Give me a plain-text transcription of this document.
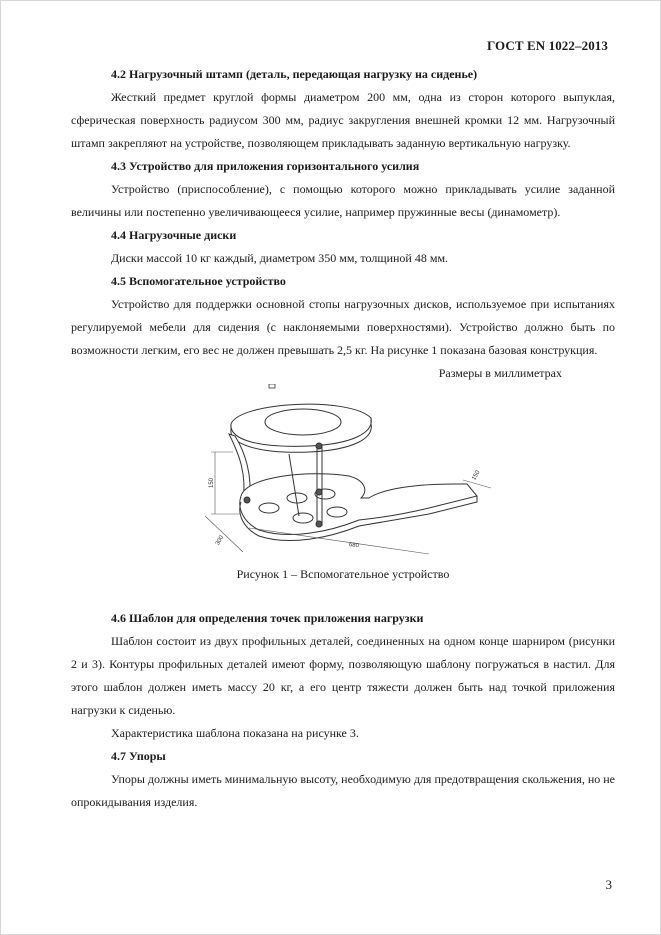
ГОСТ EN 1022–2013
4.2 Нагрузочный штамп (деталь, передающая нагрузку на сиденье)

Жесткий предмет круглой формы диаметром 200 мм, одна из сторон которого выпуклая, сферическая поверхность радиусом 300 мм, радиус закругления внешней кромки 12 мм. Нагрузочный штамп закрепляют на устройстве, позволяющем прикладывать заданную вертикальную нагрузку.

4.3 Устройство для приложения горизонтального усилия

Устройство (приспособление), с помощью которого можно прикладывать усилие заданной величины или постепенно увеличивающееся усилие, например пружинные весы (динамометр).

4.4 Нагрузочные диски

Диски массой 10 кг каждый, диаметром 350 мм, толщиной 48 мм.

4.5 Вспомогательное устройство

Устройство для поддержки основной стопы нагрузочных дисков, используемое при испытаниях регулируемой мебели для сидения (с наклоняемыми поверхностями). Устройство должно быть по возможности легким, его вес не должен превышать 2,5 кг. На рисунке 1 показана базовая конструкция.

Размеры в миллиметрах
150
300	680
150
Рисунок 1 – Вспомогательное устройство
4.6 Шаблон для определения точек приложения нагрузки

Шаблон состоит из двух профильных деталей, соединенных на одном конце шарниром (рисунки 2 и 3). Контуры профильных деталей имеют форму, позволяющую шаблону погружаться в настил. Для этого шаблон должен иметь массу 20 кг, а его центр тяжести должен быть над точкой приложения нагрузки к сиденью.

Характеристика шаблона показана на рисунке 3.

4.7 Упоры

Упоры должны иметь минимальную высоту, необходимую для предотвращения скольжения, но не опрокидывания изделия.

3
